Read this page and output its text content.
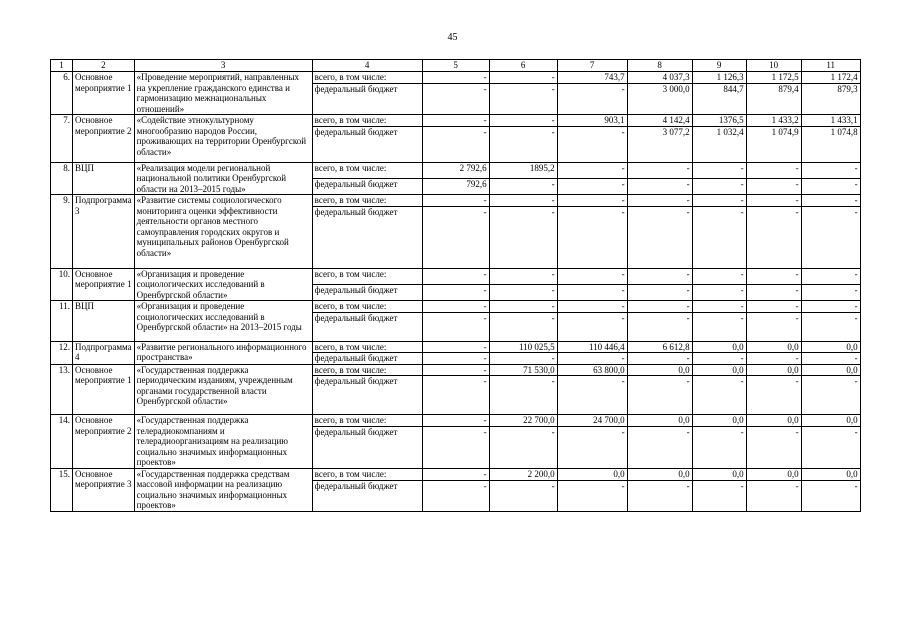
45
1	2	3	4	5	6	7	8	9	10	11
6.	Основное мероприятие 1	«Проведение мероприятий, направленных на укрепление гражданского единства и гармонизацию межнациональных отношений»	всего, в том числе:	-	-	743,7	4 037,3	1 126,3	1 172,5	1 172,4
			федеральный бюджет	-	-	-	3 000,0	844,7	879,4	879,3
7.	Основное мероприятие 2	«Содействие этнокультурному многообразию народов России, проживающих на территории Оренбургской области»	всего, в том числе:	-	-	903,1	4 142,4	1376,5	1 433,2	1 433,1
			федеральный бюджет	-	-	-	3 077,2	1 032,4	1 074,9	1 074,8
8.	ВЦП	«Реализация модели региональной национальной политики Оренбургской области на 2013–2015 годы»	всего, в том числе:	2 792,6	1895,2	-	-	-	-	-
			федеральный бюджет	792,6	-	-	-	-	-	-
9.	Подпрограмма 3	«Развитие системы социологического мониторинга оценки эффективности деятельности органов местного самоуправления городских округов и муниципальных районов Оренбургской области»	всего, в том числе:	-	-	-	-	-	-	-
			федеральный бюджет	-	-	-	-	-	-	-
10.	Основное мероприятие 1	«Организация и проведение социологических исследований в Оренбургской области»	всего, в том числе:	-	-	-	-	-	-	-
			федеральный бюджет	-	-	-	-	-	-	-
11.	ВЦП	«Организация и проведение социологических исследований в Оренбургской области» на 2013–2015 годы	всего, в том числе:	-	-	-	-	-	-	-
			федеральный бюджет	-	-	-	-	-	-	-
12.	Подпрограмма 4	«Развитие регионального информационного пространства»	всего, в том числе:	-	110 025,5	110 446,4	6 612,8	0,0	0,0	0,0
			федеральный бюджет	-	-	-	-	-	-	-
13.	Основное мероприятие 1	«Государственная поддержка периодическим изданиям, учрежденным органами государственной власти Оренбургской области»	всего, в том числе:	-	71 530,0	63 800,0	0,0	0,0	0,0	0,0
			федеральный бюджет	-	-	-	-	-	-	-
14.	Основное мероприятие 2	«Государственная поддержка телерадиокомпаниям и телерадиоорганизациям на реализацию социально значимых информационных проектов»	всего, в том числе:	-	22 700,0	24 700,0	0,0	0,0	0,0	0,0
			федеральный бюджет	-	-	-	-	-	-	-
15.	Основное мероприятие 3	«Государственная поддержка средствам массовой информации на реализацию социально значимых информационных проектов»	всего, в том числе:	-	2 200,0	0,0	0,0	0,0	0,0	0,0
			федеральный бюджет	-	-	-	-	-	-	-
